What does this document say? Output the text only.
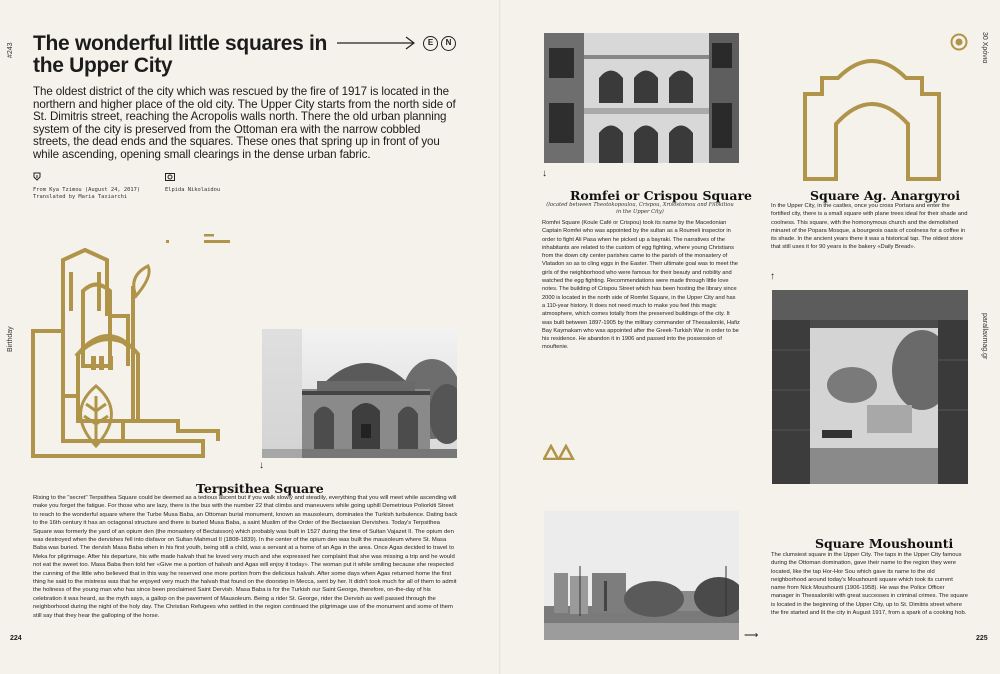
#243
Birthday
The wonderful little squares in the Upper City
E	N

The oldest district of the city which was rescued by the fire of 1917 is located in the northern and higher place of the old city. The Upper City starts from the north side of St. Dimitris street, reaching the Acropolis walls north. There the old urban planning system of the city is preserved from the Ottoman era with the narrow cobbled streets, the dead ends and the squares. These ones that spring up in front of you while ascending, opening small clearings in the dense urban fabric.

From Kya Tzimou (August 24, 2017)
Translated by Maria Taxiarchi
Elpida Nikolaidou
↓
Terpsithea Square

Rising to the "secret" Terpsithea Square could be deemed as a tedious ascent but if you walk slowly and steadily, everything that you will meet while ascending will make you forget the fatigue. For those who are lazy, there is the bus with the number 22 that climbs and maneuvers while going uphill Demetrious Poliorkiti Street to reach to the wonderful square where the Turbe Musa Baba, an Ottoman burial monument, known as mausoleum, dominates the Turkish turbulence. Dating back to the 16th century it has an octagonal structure and there is buried Musa Baba, a saint Muslim of the Order of the Bectaesian Dervishes. Today's Terpsithea Square was formerly the yard of an opium den (the monastery of Bectaisson) which probably was built in 1527 during the time of Sultan Vajazet II. The opium den was destroyed when the dervishes fell into disfavor on Sultan Mahmud II (1808-1839). In the center of the opium den was built the mausoleum where St. Masa Baba was buried. The dervish Masa Baba when in his first youth, being still a child, was a servant at a home of an Aga in the area. Once Agas decided to travel to Meka for pilgrimage. After his departure, his wife made halvah that he loved very much and she expressed her complaint that she was missing a trip and he would not eat the sweet too. Masa Baba then told her «Give me a portion of halvah and Agas will enjoy it today». The woman put it while smiling because she respected the cunning of the little who believed that in this way he reserved one more portion from the delicious halvah. After some days when Agas returned home the first thing he said to the mistress was that he enjoyed very much the halvah that found on the doorstep in Mecca, sent by her. It didn't took much for all of them to admit the holiness of the young man who has since been proclaimed Saint Dervish. Masa Baba is for the Turkish our Saint George, therefore, on-the-day of his celebration it was heard, as the myth says, a gallop on the pavement of Mausoleum. Being a rider St. George, rider the Dervish as well passed through the neighborhood during the night of the holy day. The Christian Refugees who settled in the region continued the pilgrimage use of the monument and some of them still say that they hear the galloping of the horse.

224
↓
Romfei or Crispou Square

(located between Theotokopoulou, Crispou, Xrisostomou and Filokitiou in the Upper City)

Romfei Square (Koule Café or Crispou) took its name by the Macedonian Captain Romfei who was appointed by the sultan as a Roumeli inspector in order to fight Ali Pasa when he picked up a bayraki. The narratives of the inhabitants are related to the custom of egg fighting, where young Christians from the down city center parishes came to the parish of the monastery of Vlatadon so as to cling eggs in the Easter. Their ultimate goal was to meet the girls of the neighborhood who were famous for their beauty and nobility and watched the egg fighting. Recommendations were made through little love notes. The building of Crispou Street which has been hosting the library since 2000 is located in the north side of Romfei Square, in the Upper City and has a 110-year history. It does not need much to make you feel this magic atmosphere, which comes totally from the preserved buildings of the city. It was built between 1897-1905 by the military commander of Thessaloniki, Hafiz Bay Kaymakam who was appointed after the Greek-Turkish War in order to be his residence. He abandon it in 1906 and passed into the possession of mouftenie.

⟶
30 Χρόνια
parallaxmag.gr
Square Ag. Anargyroi

In the Upper City, in the castles, once you cross Portara and enter the fortified city, there is a small square with plane trees ideal for their shade and coolness. This square, with the homonymous church and the demolished minaret of the Popara Mosque, a bourgeois oasis of coolness for a coffee in its shade. In the ancient years there it was a historical tap. The oldest store that still uses it for 90 years is the bakery «Daily Bread».

↑
Square Moushounti

The clumsiest square in the Upper City. The taps in the Upper City famous during the Ottoman domination, gave their name to the region they were located, like the tap Hor-Hor Sou which gave its name to the old neighborhood around today's Moushounti square which took its current name from Nick Moushounti (1906-1958). He was the Police Officer manager in Thessaloniki with great successes in criminal crimes. The square is located in the beginning of the Upper City, up to St. Dimitris street where the fire started and lit the city in August 1917, from a spark of a cooking hob.

225
